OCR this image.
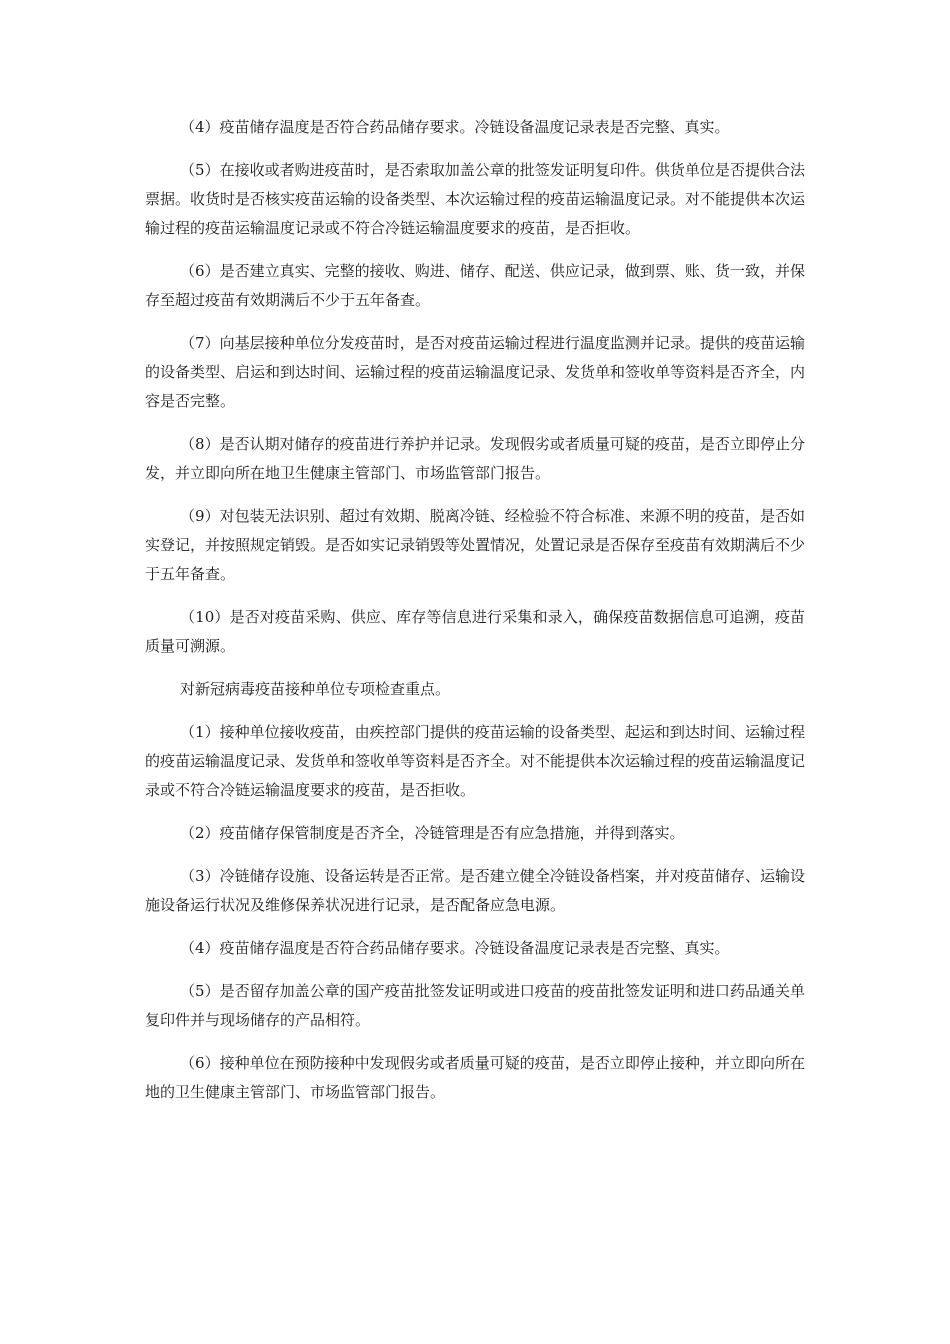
（4）疫苗储存温度是否符合药品储存要求。冷链设备温度记录表是否完整、真实。

（5）在接收或者购进疫苗时，是否索取加盖公章的批签发证明复印件。供货单位是否提供合法票据。收货时是否核实疫苗运输的设备类型、本次运输过程的疫苗运输温度记录。对不能提供本次运输过程的疫苗运输温度记录或不符合冷链运输温度要求的疫苗，是否拒收。

（6）是否建立真实、完整的接收、购进、储存、配送、供应记录，做到票、账、货一致，并保存至超过疫苗有效期满后不少于五年备查。

（7）向基层接种单位分发疫苗时，是否对疫苗运输过程进行温度监测并记录。提供的疫苗运输的设备类型、启运和到达时间、运输过程的疫苗运输温度记录、发货单和签收单等资料是否齐全，内容是否完整。

（8）是否认期对储存的疫苗进行养护并记录。发现假劣或者质量可疑的疫苗，是否立即停止分发，并立即向所在地卫生健康主管部门、市场监管部门报告。

（9）对包装无法识别、超过有效期、脱离冷链、经检验不符合标准、来源不明的疫苗，是否如实登记，并按照规定销毁。是否如实记录销毁等处置情况，处置记录是否保存至疫苗有效期满后不少于五年备查。

（10）是否对疫苗采购、供应、库存等信息进行采集和录入，确保疫苗数据信息可追溯，疫苗质量可溯源。

对新冠病毒疫苗接种单位专项检查重点。

（1）接种单位接收疫苗，由疾控部门提供的疫苗运输的设备类型、起运和到达时间、运输过程的疫苗运输温度记录、发货单和签收单等资料是否齐全。对不能提供本次运输过程的疫苗运输温度记录或不符合冷链运输温度要求的疫苗，是否拒收。

（2）疫苗储存保管制度是否齐全，冷链管理是否有应急措施，并得到落实。

（3）冷链储存设施、设备运转是否正常。是否建立健全冷链设备档案，并对疫苗储存、运输设施设备运行状况及维修保养状况进行记录，是否配备应急电源。

（4）疫苗储存温度是否符合药品储存要求。冷链设备温度记录表是否完整、真实。

（5）是否留存加盖公章的国产疫苗批签发证明或进口疫苗的疫苗批签发证明和进口药品通关单复印件并与现场储存的产品相符。

（6）接种单位在预防接种中发现假劣或者质量可疑的疫苗，是否立即停止接种，并立即向所在地的卫生健康主管部门、市场监管部门报告。
